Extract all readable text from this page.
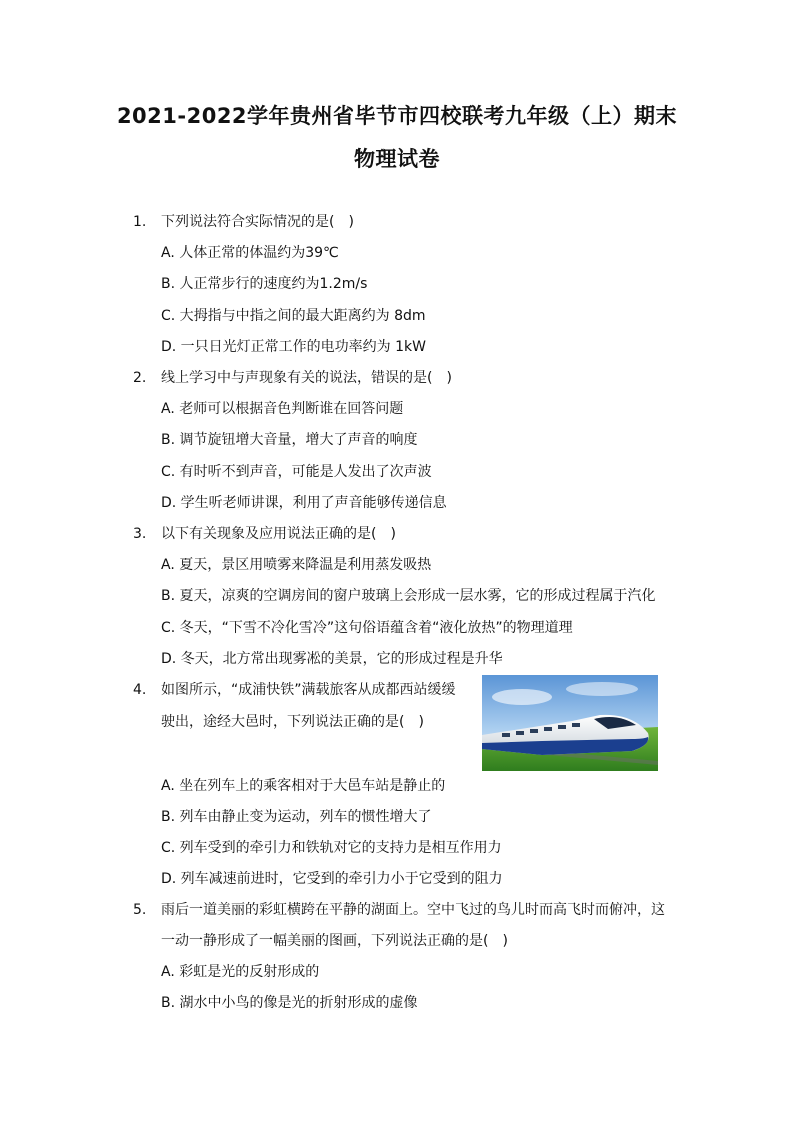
2021-2022学年贵州省毕节市四校联考九年级（上）期末
物理试卷
1. 下列说法符合实际情况的是(　)
A. 人体正常的体温约为39℃
B. 人正常步行的速度约为1.2m/s
C. 大拇指与中指之间的最大距离约为 8dm
D. 一只日光灯正常工作的电功率约为 1kW
2. 线上学习中与声现象有关的说法，错误的是(　)
A. 老师可以根据音色判断谁在回答问题
B. 调节旋钮增大音量，增大了声音的响度
C. 有时听不到声音，可能是人发出了次声波
D. 学生听老师讲课，利用了声音能够传递信息
3. 以下有关现象及应用说法正确的是(　)
A. 夏天，景区用喷雾来降温是利用蒸发吸热
B. 夏天，凉爽的空调房间的窗户玻璃上会形成一层水雾，它的形成过程属于汽化
C. 冬天，“下雪不冷化雪冷”这句俗语蕴含着“液化放热”的物理道理
D. 冬天，北方常出现雾凇的美景，它的形成过程是升华
4. 如图所示，“成浦快铁”满载旅客从成都西站缓缓
驶出，途经大邑时，下列说法正确的是(　)
A. 坐在列车上的乘客相对于大邑车站是静止的
B. 列车由静止变为运动，列车的惯性增大了
C. 列车受到的牵引力和铁轨对它的支持力是相互作用力
D. 列车减速前进时，它受到的牵引力小于它受到的阻力
5. 雨后一道美丽的彩虹横跨在平静的湖面上。空中飞过的鸟儿时而高飞时而俯冲，这
一动一静形成了一幅美丽的图画，下列说法正确的是(　)
A. 彩虹是光的反射形成的
B. 湖水中小鸟的像是光的折射形成的虚像
